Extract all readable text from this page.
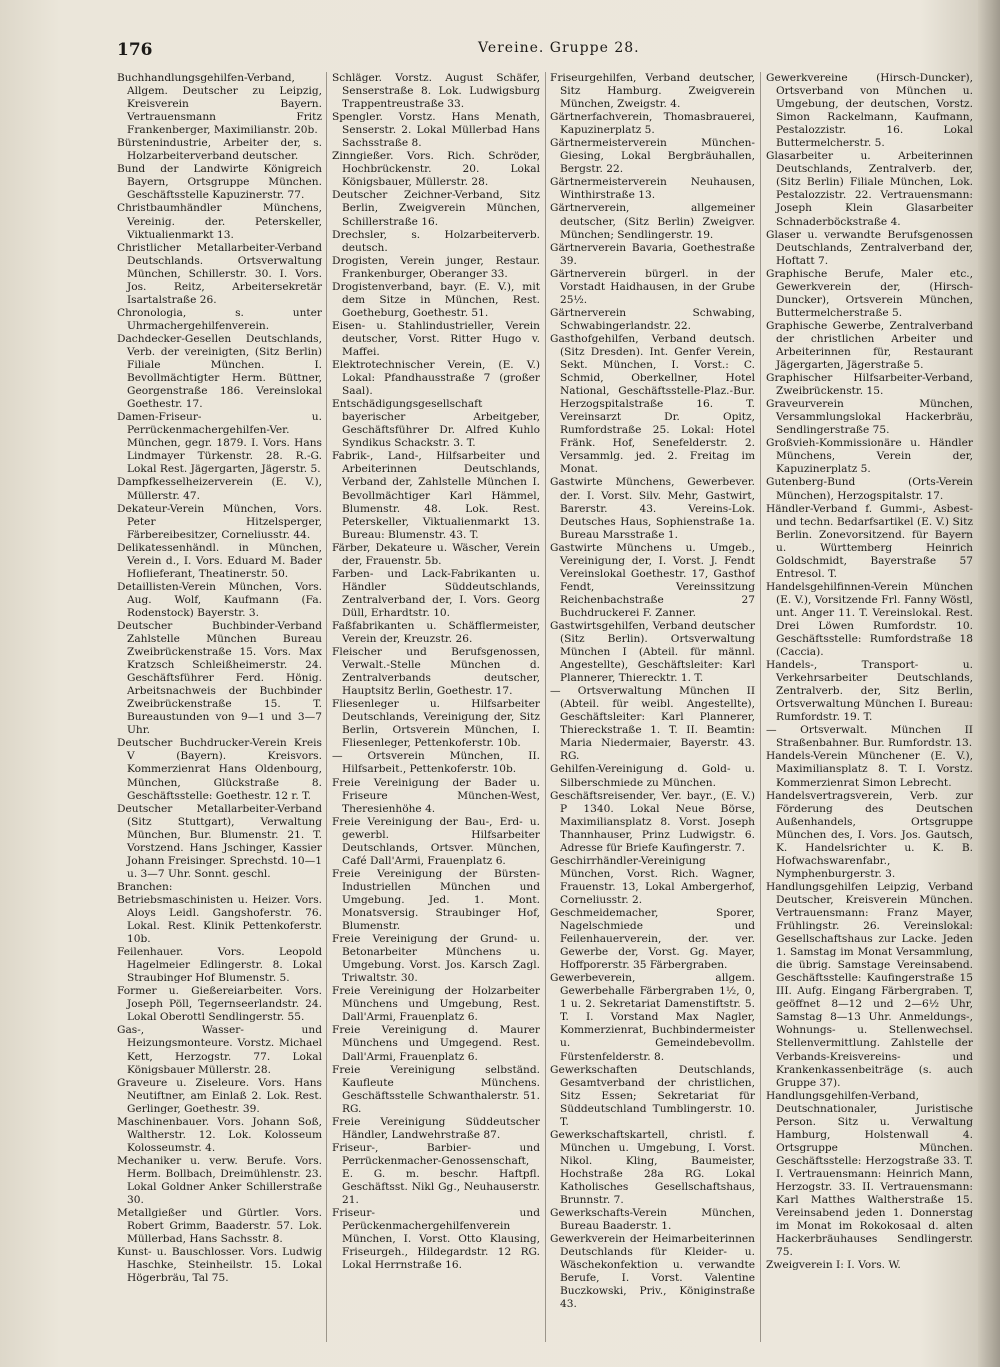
176	Vereine. Gruppe 28.

Buchhandlungsgehilfen-Verband, Allgem. Deutscher zu Leipzig, Kreisverein Bayern. Vertrauensmann Fritz Frankenberger, Maximilianstr. 20b.

Bürstenindustrie, Arbeiter der, s. Holzarbeiterverband deutscher.

Bund der Landwirte Königreich Bayern, Ortsgruppe München. Geschäftsstelle Kapuzinerstr. 77.

Christbaumhändler Münchens, Vereinig. der. Peterskeller, Viktualienmarkt 13.

Christlicher Metallarbeiter-Verband Deutschlands. Ortsverwaltung München, Schillerstr. 30. I. Vors. Jos. Reitz, Arbeitersekretär Isartalstraße 26.

Chronologia, s. unter Uhrmachergehilfenverein.

Dachdecker-Gesellen Deutschlands, Verb. der vereinigten, (Sitz Berlin) Filiale München. I. Bevollmächtigter Herm. Büttner, Georgenstraße 186. Vereinslokal Goethestr. 17.

Damen-Friseur- u. Perrückenmachergehilfen-Ver. München, gegr. 1879. I. Vors. Hans Lindmayer Türkenstr. 28. R.-G. Lokal Rest. Jägergarten, Jägerstr. 5.

Dampfkesselheizerverein (E. V.), Müllerstr. 47.

Dekateur-Verein München, Vors. Peter Hitzelsperger, Färbereibesitzer, Corneliusstr. 44.

Delikatessenhändl. in München, Verein d., I. Vors. Eduard M. Bader Hoflieferant, Theatinerstr. 50.

Detaillisten-Verein München, Vors. Aug. Wolf, Kaufmann (Fa. Rodenstock) Bayerstr. 3.

Deutscher Buchbinder-Verband Zahlstelle München Bureau Zweibrückenstraße 15. Vors. Max Kratzsch Schleißheimerstr. 24. Geschäftsführer Ferd. Hönig. Arbeitsnachweis der Buchbinder Zweibrückenstraße 15. T. Bureaustunden von 9—1 und 3—7 Uhr.

Deutscher Buchdrucker-Verein Kreis V (Bayern). Kreisvors. Kommerzienrat Hans Oldenbourg, München, Glückstraße 8. Geschäftsstelle: Goethestr. 12 r. T.

Deutscher Metallarbeiter-Verband (Sitz Stuttgart), Verwaltung München, Bur. Blumenstr. 21. T. Vorstzend. Hans Jschinger, Kassier Johann Freisinger. Sprechstd. 10—1 u. 3—7 Uhr. Sonnt. geschl.

Branchen:

Betriebsmaschinisten u. Heizer. Vors. Aloys Leidl. Gangshoferstr. 76. Lokal. Rest. Klinik Pettenkoferstr. 10b.

Feilenhauer. Vors. Leopold Hagelmeier Edlingerstr. 8. Lokal Straubinger Hof Blumenstr. 5.

Former u. Gießereiarbeiter. Vors. Joseph Pöll, Tegernseerlandstr. 24. Lokal Oberottl Sendlingerstr. 55.

Gas-, Wasser- und Heizungsmonteure. Vorstz. Michael Kett, Herzogstr. 77. Lokal Königsbauer Müllerstr. 28.

Graveure u. Ziseleure. Vors. Hans Neutiftner, am Einlaß 2. Lok. Rest. Gerlinger, Goethestr. 39.

Maschinenbauer. Vors. Johann Soß, Waltherstr. 12. Lok. Kolosseum Kolosseumstr. 4.

Mechaniker u. verw. Berufe. Vors. Herm. Bollbach, Dreimühlenstr. 23. Lokal Goldner Anker Schillerstraße 30.

Metallgießer und Gürtler. Vors. Robert Grimm, Baaderstr. 57. Lok. Müllerbad, Hans Sachsstr. 8.

Kunst- u. Bauschlosser. Vors. Ludwig Haschke, Steinheilstr. 15. Lokal Högerbräu, Tal 75.

Schläger. Vorstz. August Schäfer, Senserstraße 8. Lok. Ludwigsburg Trappentreustraße 33.

Spengler. Vorstz. Hans Menath, Senserstr. 2. Lokal Müllerbad Hans Sachsstraße 8.

Zinngießer. Vors. Rich. Schröder, Hochbrückenstr. 20. Lokal Königsbauer, Müllerstr. 28.

Deutscher Zeichner-Verband, Sitz Berlin, Zweigverein München, Schillerstraße 16.

Drechsler, s. Holzarbeiterverb. deutsch.

Drogisten, Verein junger, Restaur. Frankenburger, Oberanger 33.

Drogistenverband, bayr. (E. V.), mit dem Sitze in München, Rest. Goetheburg, Goethestr. 51.

Eisen- u. Stahlindustrieller, Verein deutscher, Vorst. Ritter Hugo v. Maffei.

Elektrotechnischer Verein, (E. V.) Lokal: Pfandhausstraße 7 (großer Saal).

Entschädigungsgesellschaft bayerischer Arbeitgeber, Geschäftsführer Dr. Alfred Kuhlo Syndikus Schackstr. 3. T.

Fabrik-, Land-, Hilfsarbeiter und Arbeiterinnen Deutschlands, Verband der, Zahlstelle München I. Bevollmächtiger Karl Hämmel, Blumenstr. 48. Lok. Rest. Peterskeller, Viktualienmarkt 13. Bureau: Blumenstr. 43. T.

Färber, Dekateure u. Wäscher, Verein der, Frauenstr. 5b.

Farben- und Lack-Fabrikanten u. Händler Süddeutschlands, Zentralverband der, I. Vors. Georg Düll, Erhardtstr. 10.

Faßfabrikanten u. Schäfflermeister, Verein der, Kreuzstr. 26.

Fleischer und Berufsgenossen, Verwalt.-Stelle München d. Zentralverbands deutscher, Hauptsitz Berlin, Goethestr. 17.

Fliesenleger u. Hilfsarbeiter Deutschlands, Vereinigung der, Sitz Berlin, Ortsverein München, I. Fliesenleger, Pettenkoferstr. 10b.

— Ortsverein München, II. Hilfsarbeit., Pettenkoferstr. 10b.

Freie Vereinigung der Bader u. Friseure München-West, Theresienhöhe 4.

Freie Vereinigung der Bau-, Erd- u. gewerbl. Hilfsarbeiter Deutschlands, Ortsver. München, Café Dall'Armi, Frauenplatz 6.

Freie Vereinigung der Bürsten-Industriellen München und Umgebung. Jed. 1. Mont. Monatsversig. Straubinger Hof, Blumenstr.

Freie Vereinigung der Grund- u. Betonarbeiter Münchens u. Umgebung. Vorst. Jos. Karsch Zagl. Triwaltstr. 30.

Freie Vereinigung der Holzarbeiter Münchens und Umgebung, Rest. Dall'Armi, Frauenplatz 6.

Freie Vereinigung d. Maurer Münchens und Umgegend. Rest. Dall'Armi, Frauenplatz 6.

Freie Vereinigung selbständ. Kaufleute Münchens. Geschäftsstelle Schwanthalerstr. 51. RG.

Freie Vereinigung Süddeutscher Händler, Landwehrstraße 87.

Friseur-, Barbier- und Perrückenmacher-Genossenschaft, E. G. m. beschr. Haftpfl. Geschäftsst. Nikl Gg., Neuhauserstr. 21.

Friseur- und Perückenmachergehilfenverein München, I. Vorst. Otto Klausing, Friseurgeh., Hildegardstr. 12 RG. Lokal Herrnstraße 16.

Friseurgehilfen, Verband deutscher, Sitz Hamburg. Zweigverein München, Zweigstr. 4.

Gärtnerfachverein, Thomasbrauerei, Kapuzinerplatz 5.

Gärtnermeisterverein München-Giesing, Lokal Bergbräuhallen, Bergstr. 22.

Gärtnermeisterverein Neuhausen, Winthirstraße 13.

Gärtnerverein, allgemeiner deutscher, (Sitz Berlin) Zweigver. München; Sendlingerstr. 19.

Gärtnerverein Bavaria, Goethestraße 39.

Gärtnerverein bürgerl. in der Vorstadt Haidhausen, in der Grube 25½.

Gärtnerverein Schwabing, Schwabingerlandstr. 22.

Gasthofgehilfen, Verband deutsch. (Sitz Dresden). Int. Genfer Verein, Sekt. München, I. Vorst.: C. Schmid, Oberkellner, Hotel National, Geschäftsstelle-Plaz.-Bur. Herzogspitalstraße 16. T. Vereinsarzt Dr. Opitz, Rumfordstraße 25. Lokal: Hotel Fränk. Hof, Senefelderstr. 2. Versammlg. jed. 2. Freitag im Monat.

Gastwirte Münchens, Gewerbever. der. I. Vorst. Silv. Mehr, Gastwirt, Barerstr. 43. Vereins-Lok. Deutsches Haus, Sophienstraße 1a. Bureau Marsstraße 1.

Gastwirte Münchens u. Umgeb., Vereinigung der, I. Vorst. J. Fendt Vereinslokal Goethestr. 17, Gasthof Fendt, Vereinssitzung Reichenbachstraße 27 Buchdruckerei F. Zanner.

Gastwirtsgehilfen, Verband deutscher (Sitz Berlin). Ortsverwaltung München I (Abteil. für männl. Angestellte), Geschäftsleiter: Karl Plannerer, Thierecktr. 1. T.

— Ortsverwaltung München II (Abteil. für weibl. Angestellte), Geschäftsleiter: Karl Plannerer, Thiereckstraße 1. T. II. Beamtin: Maria Niedermaier, Bayerstr. 43. RG.

Gehilfen-Vereinigung d. Gold- u. Silberschmiede zu München.

Geschäftsreisender, Ver. bayr., (E. V.) P 1340. Lokal Neue Börse, Maximiliansplatz 8. Vorst. Joseph Thannhauser, Prinz Ludwigstr. 6. Adresse für Briefe Kaufingerstr. 7.

Geschirrhändler-Vereinigung München, Vorst. Rich. Wagner, Frauenstr. 13, Lokal Ambergerhof, Corneliusstr. 2.

Geschmeidemacher, Sporer, Nagelschmiede und Feilenhauerverein, der. ver. Gewerbe der, Vorst. Gg. Mayer, Hoffporerstr. 35 Färbergraben.

Gewerbeverein, allgem. Gewerbehalle Färbergraben 1½, 0, 1 u. 2. Sekretariat Damenstiftstr. 5. T. I. Vorstand Max Nagler, Kommerzienrat, Buchbindermeister u. Gemeindebevollm. Fürstenfelderstr. 8.

Gewerkschaften Deutschlands, Gesamtverband der christlichen, Sitz Essen; Sekretariat für Süddeutschland Tumblingerstr. 10. T.

Gewerkschaftskartell, christl. f. München u. Umgebung, I. Vorst. Nikol. Kling, Baumeister, Hochstraße 28a RG. Lokal Katholisches Gesellschaftshaus, Brunnstr. 7.

Gewerkschafts-Verein München, Bureau Baaderstr. 1.

Gewerkverein der Heimarbeiterinnen Deutschlands für Kleider- u. Wäschekonfektion u. verwandte Berufe, I. Vorst. Valentine Buczkowski, Priv., Königinstraße 43.

Gewerkvereine (Hirsch-Duncker), Ortsverband von München u. Umgebung, der deutschen, Vorstz. Simon Rackelmann, Kaufmann, Pestalozzistr. 16. Lokal Buttermelcherstr. 5.

Glasarbeiter u. Arbeiterinnen Deutschlands, Zentralverb. der, (Sitz Berlin) Filiale München, Lok. Pestalozzistr. 22. Vertrauensmann: Joseph Klein Glasarbeiter Schnaderböckstraße 4.

Glaser u. verwandte Berufsgenossen Deutschlands, Zentralverband der, Hoftatt 7.

Graphische Berufe, Maler etc., Gewerkverein der, (Hirsch-Duncker), Ortsverein München, Buttermelcherstraße 5.

Graphische Gewerbe, Zentralverband der christlichen Arbeiter und Arbeiterinnen für, Restaurant Jägergarten, Jägerstraße 5.

Graphischer Hilfsarbeiter-Verband, Zweibrückenstr. 15.

Graveurverein München, Versammlungslokal Hackerbräu, Sendlingerstraße 75.

Großvieh-Kommissionäre u. Händler Münchens, Verein der, Kapuzinerplatz 5.

Gutenberg-Bund (Orts-Verein München), Herzogspitalstr. 17.

Händler-Verband f. Gummi-, Asbest- und techn. Bedarfsartikel (E. V.) Sitz Berlin. Zonevorsitzend. für Bayern u. Württemberg Heinrich Goldschmidt, Bayerstraße 57 Entresol. T.

Handelsgehilfinnen-Verein München (E. V.), Vorsitzende Frl. Fanny Wöstl, unt. Anger 11. T. Vereinslokal. Rest. Drei Löwen Rumfordstr. 10. Geschäftsstelle: Rumfordstraße 18 (Caccia).

Handels-, Transport- u. Verkehrsarbeiter Deutschlands, Zentralverb. der, Sitz Berlin, Ortsverwaltung München I. Bureau: Rumfordstr. 19. T.

— Ortsverwalt. München II Straßenbahner. Bur. Rumfordstr. 13.

Handels-Verein Münchener (E. V.), Maximiliansplatz 8. T. I. Vorstz. Kommerzienrat Simon Lebrecht.

Handelsvertragsverein, Verb. zur Förderung des Deutschen Außenhandels, Ortsgruppe München des, I. Vors. Jos. Gautsch, K. Handelsrichter u. K. B. Hofwachswarenfabr., Nymphenburgerstr. 3.

Handlungsgehilfen Leipzig, Verband Deutscher, Kreisverein München. Vertrauensmann: Franz Mayer, Frühlingstr. 26. Vereinslokal: Gesellschaftshaus zur Lacke. Jeden 1. Samstag im Monat Versammlung, die übrig. Samstage Vereinsabend. Geschäftsstelle: Kaufingerstraße 15 III. Aufg. Eingang Färbergraben. T, geöffnet 8—12 und 2—6½ Uhr, Samstag 8—13 Uhr. Anmeldungs-, Wohnungs- u. Stellenwechsel. Stellenvermittlung. Zahlstelle der Verbands-Kreisvereins- und Krankenkassenbeiträge (s. auch Gruppe 37).

Handlungsgehilfen-Verband, Deutschnationaler, Juristische Person. Sitz u. Verwaltung Hamburg, Holstenwall 4. Ortsgruppe München. Geschäftsstelle: Herzogstraße 33. T. I. Vertrauensmann: Heinrich Mann, Herzogstr. 33. II. Vertrauensmann: Karl Matthes Waltherstraße 15. Vereinsabend jeden 1. Donnerstag im Monat im Rokokosaal d. alten Hackerbräuhauses Sendlingerstr. 75.

Zweigverein I: I. Vors. W.
